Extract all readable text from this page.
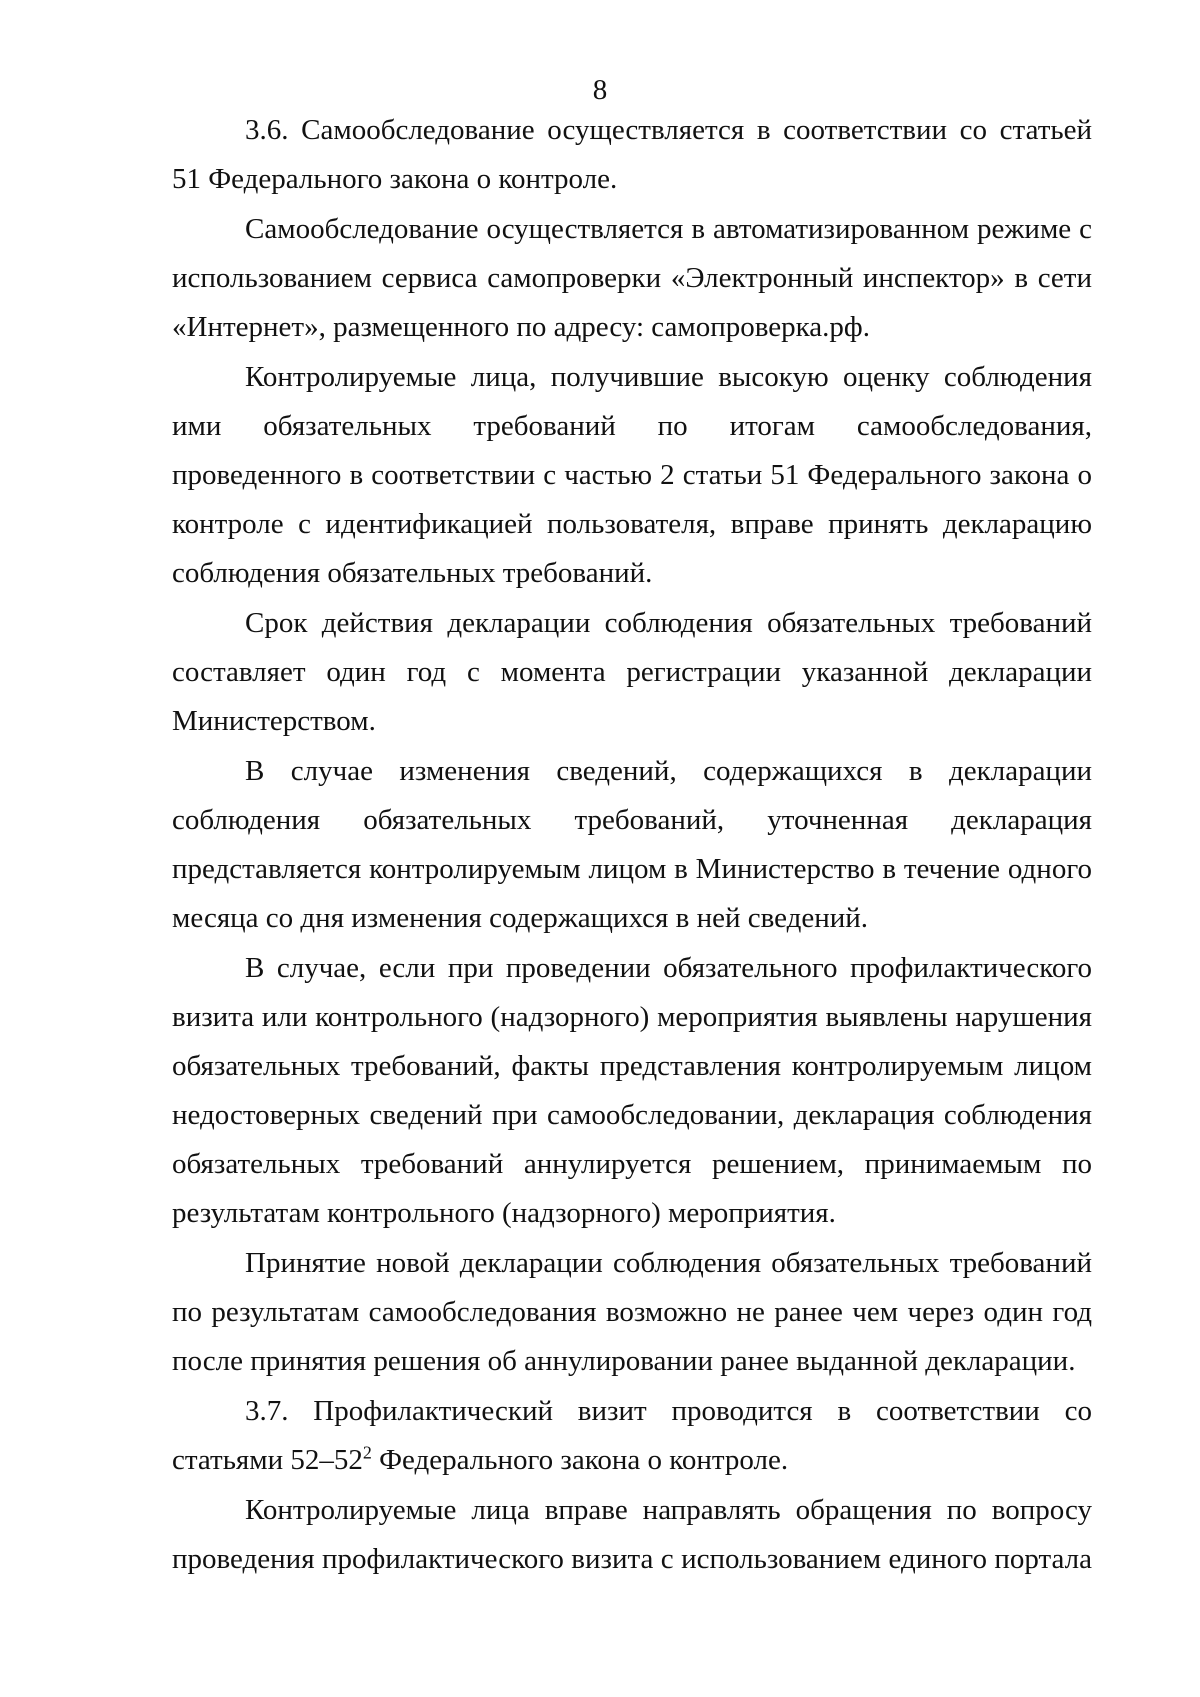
8

3.6. Самообследование осуществляется в соответствии со статьей 51 Федерального закона о контроле.

Самообследование осуществляется в автоматизированном режиме с использованием сервиса самопроверки «Электронный инспектор» в сети «Интернет», размещенного по адресу: самопроверка.рф.

Контролируемые лица, получившие высокую оценку соблюдения ими обязательных требований по итогам самообследования, проведенного в соответствии с частью 2 статьи 51 Федерального закона о контроле с идентификацией пользователя, вправе принять декларацию соблюдения обязательных требований.

Срок действия декларации соблюдения обязательных требований составляет один год с момента регистрации указанной декларации Министерством.

В случае изменения сведений, содержащихся в декларации соблюдения обязательных требований, уточненная декларация представляется контролируемым лицом в Министерство в течение одного месяца со дня изменения содержащихся в ней сведений.

В случае, если при проведении обязательного профилактического визита или контрольного (надзорного) мероприятия выявлены нарушения обязательных требований, факты представления контролируемым лицом недостоверных сведений при самообследовании, декларация соблюдения обязательных требований аннулируется решением, принимаемым по результатам контрольного (надзорного) мероприятия.

Принятие новой декларации соблюдения обязательных требований по результатам самообследования возможно не ранее чем через один год после принятия решения об аннулировании ранее выданной декларации.

3.7. Профилактический визит проводится в соответствии со статьями $52-52^2$ Федерального закона о контроле.

Контролируемые лица вправе направлять обращения по вопросу проведения профилактического визита с использованием единого портала
